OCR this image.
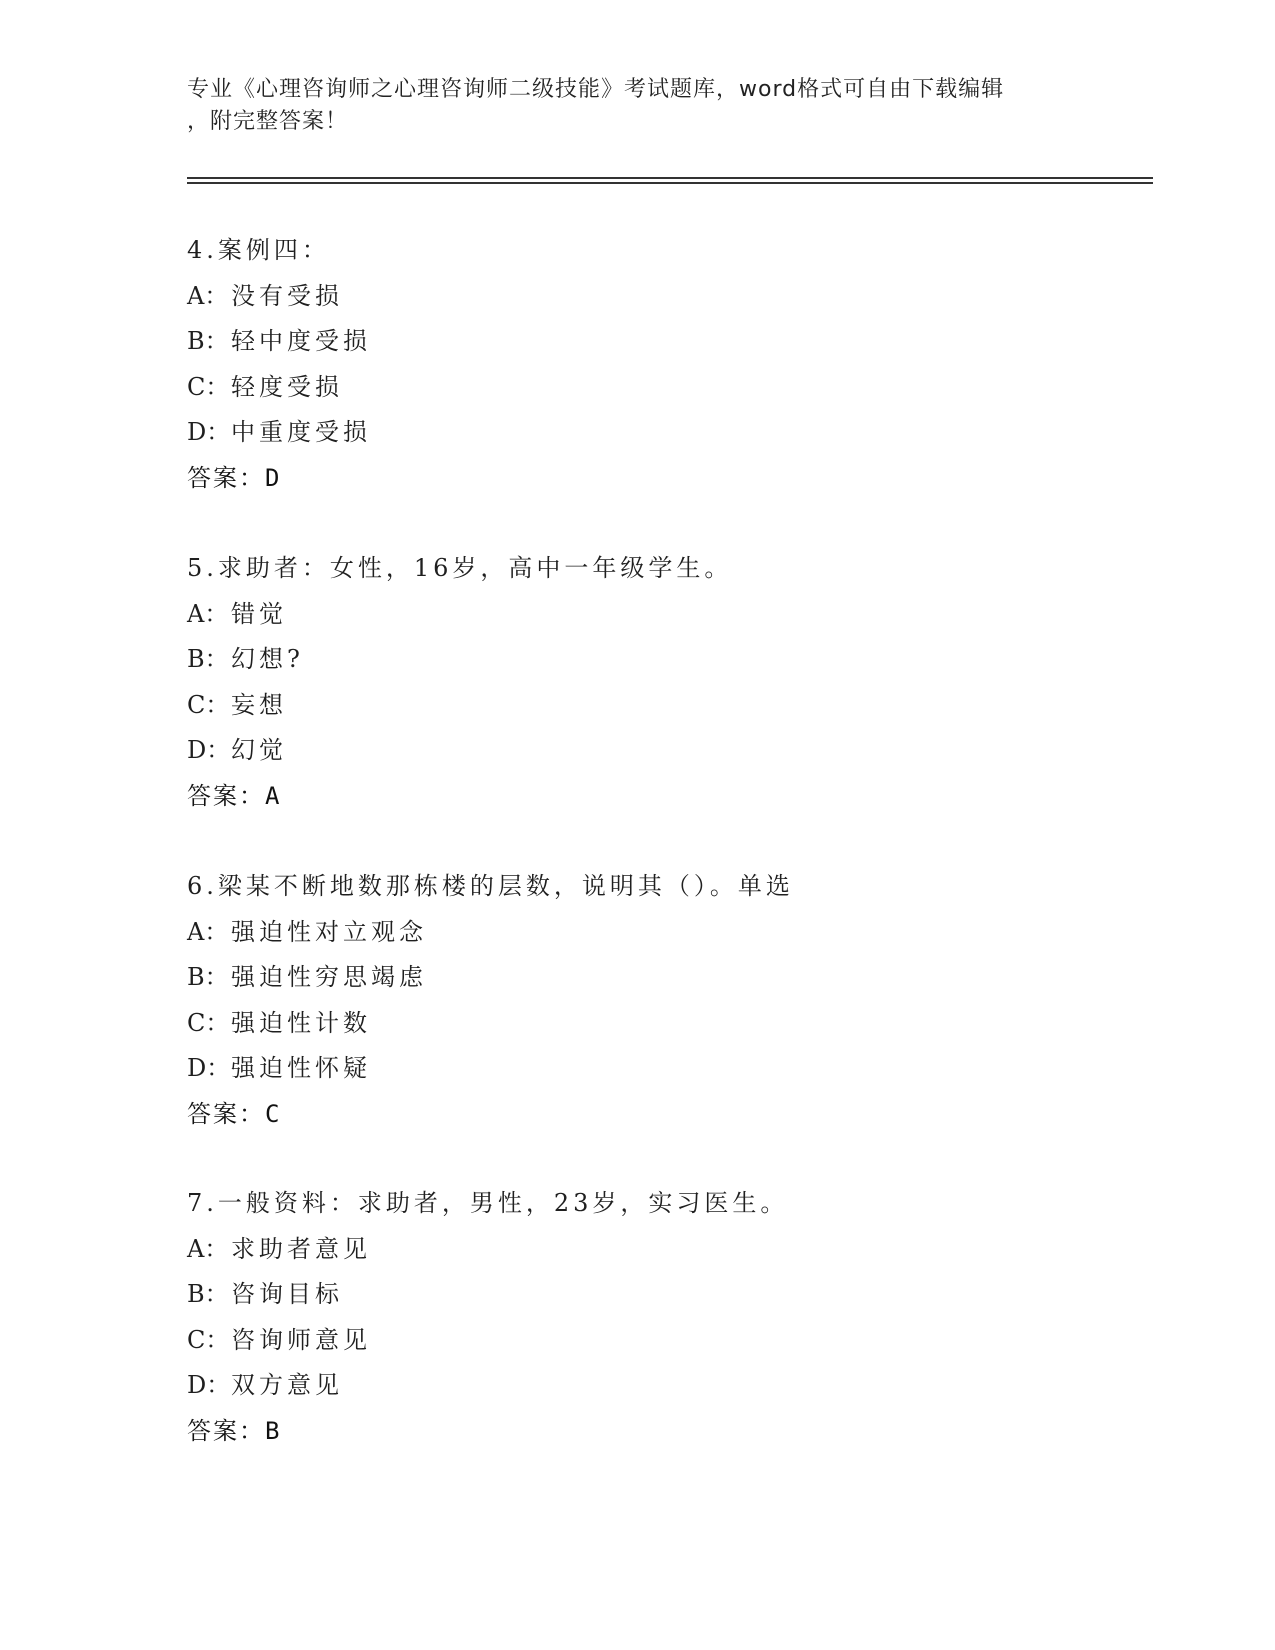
专业《心理咨询师之心理咨询师二级技能》考试题库，word格式可自由下载编辑
，附完整答案！
4.案例四：
A： 没有受损
B：轻中度受损
C：轻度受损
D：中重度受损
答案：D
5.求助者：女性，16岁，高中一年级学生。
A： 错觉
B：幻想?
C：妄想
D：幻觉
答案：A
6.梁某不断地数那栋楼的层数，说明其（）。单选
A： 强迫性对立观念
B：强迫性穷思竭虑
C：强迫性计数
D：强迫性怀疑
答案：C
7.一般资料：求助者，男性，23岁，实习医生。
A： 求助者意见
B：咨询目标
C：咨询师意见
D：双方意见
答案：B
